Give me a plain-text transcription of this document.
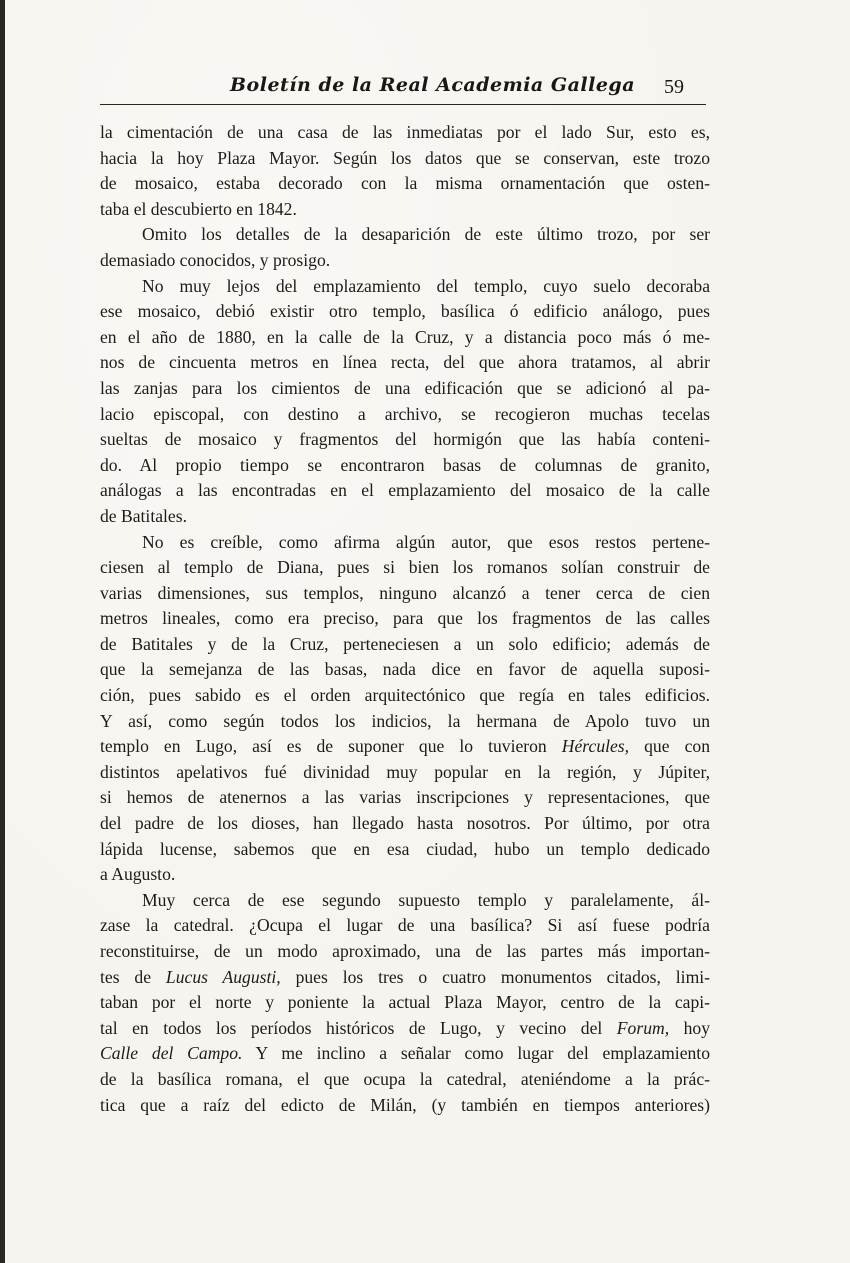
Boletín de la Real Academia Gallega 59
la cimentación de una casa de las inmediatas por el lado Sur, esto es,
hacia la hoy Plaza Mayor. Según los datos que se conservan, este trozo
de mosaico, estaba decorado con la misma ornamentación que osten-
taba el descubierto en 1842.
Omito los detalles de la desaparición de este último trozo, por ser
demasiado conocidos, y prosigo.
No muy lejos del emplazamiento del templo, cuyo suelo decoraba
ese mosaico, debió existir otro templo, basílica ó edificio análogo, pues
en el año de 1880, en la calle de la Cruz, y a distancia poco más ó me-
nos de cincuenta metros en línea recta, del que ahora tratamos, al abrir
las zanjas para los cimientos de una edificación que se adicionó al pa-
lacio episcopal, con destino a archivo, se recogieron muchas tecelas
sueltas de mosaico y fragmentos del hormigón que las había conteni-
do. Al propio tiempo se encontraron basas de columnas de granito,
análogas a las encontradas en el emplazamiento del mosaico de la calle
de Batitales.
No es creíble, como afirma algún autor, que esos restos pertene-
ciesen al templo de Diana, pues si bien los romanos solían construir de
varias dimensiones, sus templos, ninguno alcanzó a tener cerca de cien
metros lineales, como era preciso, para que los fragmentos de las calles
de Batitales y de la Cruz, perteneciesen a un solo edificio; además de
que la semejanza de las basas, nada dice en favor de aquella suposi-
ción, pues sabido es el orden arquitectónico que regía en tales edificios.
Y así, como según todos los indicios, la hermana de Apolo tuvo un
templo en Lugo, así es de suponer que lo tuvieron Hércules, que con
distintos apelativos fué divinidad muy popular en la región, y Júpiter,
si hemos de atenernos a las varias inscripciones y representaciones, que
del padre de los dioses, han llegado hasta nosotros. Por último, por otra
lápida lucense, sabemos que en esa ciudad, hubo un templo dedicado
a Augusto.
Muy cerca de ese segundo supuesto templo y paralelamente, ál-
zase la catedral. ¿Ocupa el lugar de una basílica? Si así fuese podría
reconstituirse, de un modo aproximado, una de las partes más importan-
tes de Lucus Augusti, pues los tres o cuatro monumentos citados, limi-
taban por el norte y poniente la actual Plaza Mayor, centro de la capi-
tal en todos los períodos históricos de Lugo, y vecino del Forum, hoy
Calle del Campo. Y me inclino a señalar como lugar del emplazamiento
de la basílica romana, el que ocupa la catedral, ateniéndome a la prác-
tica que a raíz del edicto de Milán, (y también en tiempos anteriores)
